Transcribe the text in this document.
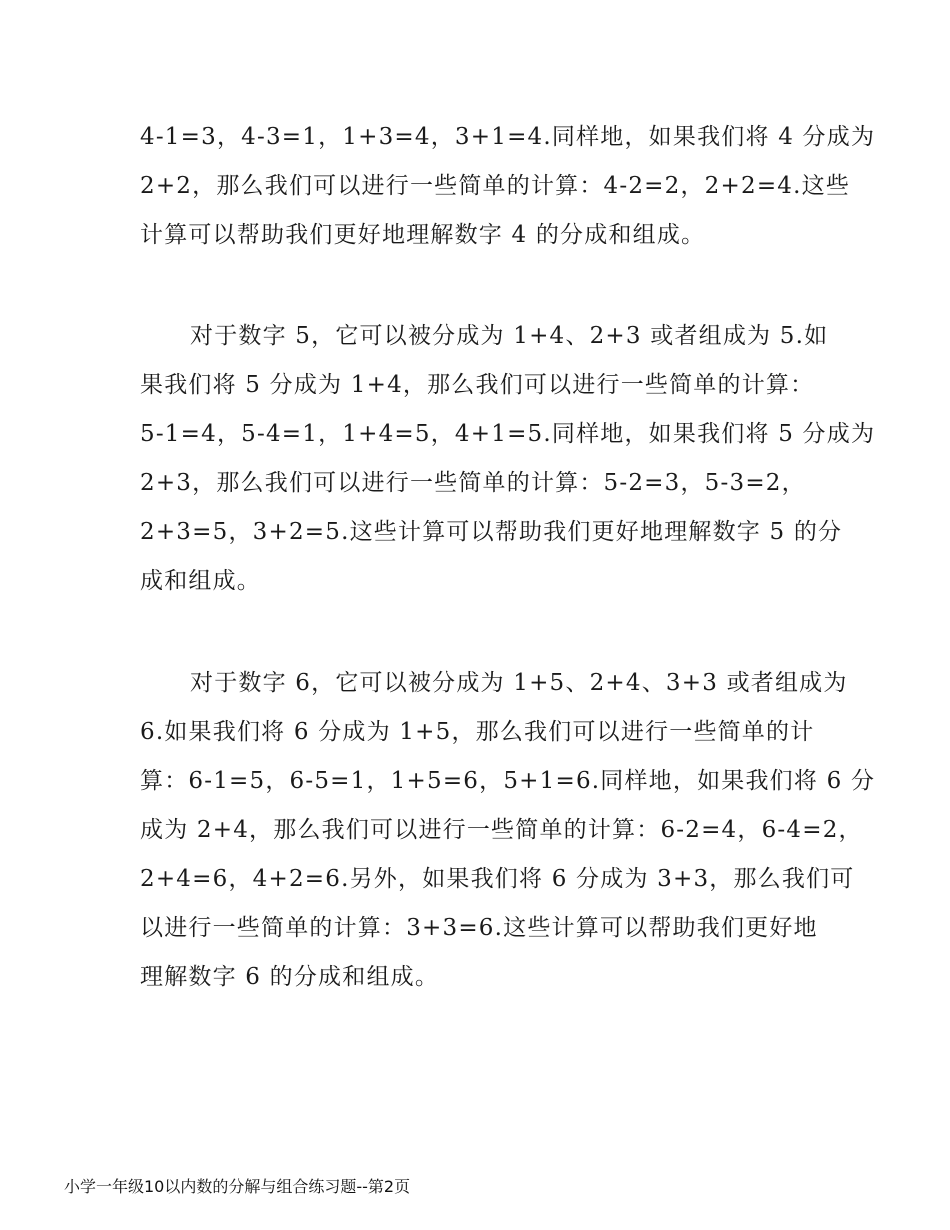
4-1=3，4-3=1，1+3=4，3+1=4.同样地，如果我们将 4 分成为
2+2，那么我们可以进行一些简单的计算：4-2=2，2+2=4.这些
计算可以帮助我们更好地理解数字 4 的分成和组成。
对于数字 5，它可以被分成为 1+4、2+3 或者组成为 5.如
果我们将 5 分成为 1+4，那么我们可以进行一些简单的计算：
5-1=4，5-4=1，1+4=5，4+1=5.同样地，如果我们将 5 分成为
2+3，那么我们可以进行一些简单的计算：5-2=3，5-3=2，
2+3=5，3+2=5.这些计算可以帮助我们更好地理解数字 5 的分
成和组成。
对于数字 6，它可以被分成为 1+5、2+4、3+3 或者组成为
6.如果我们将 6 分成为 1+5，那么我们可以进行一些简单的计
算：6-1=5，6-5=1，1+5=6，5+1=6.同样地，如果我们将 6 分
成为 2+4，那么我们可以进行一些简单的计算：6-2=4，6-4=2，
2+4=6，4+2=6.另外，如果我们将 6 分成为 3+3，那么我们可
以进行一些简单的计算：3+3=6.这些计算可以帮助我们更好地
理解数字 6 的分成和组成。
小学一年级10以内数的分解与组合练习题--第2页
